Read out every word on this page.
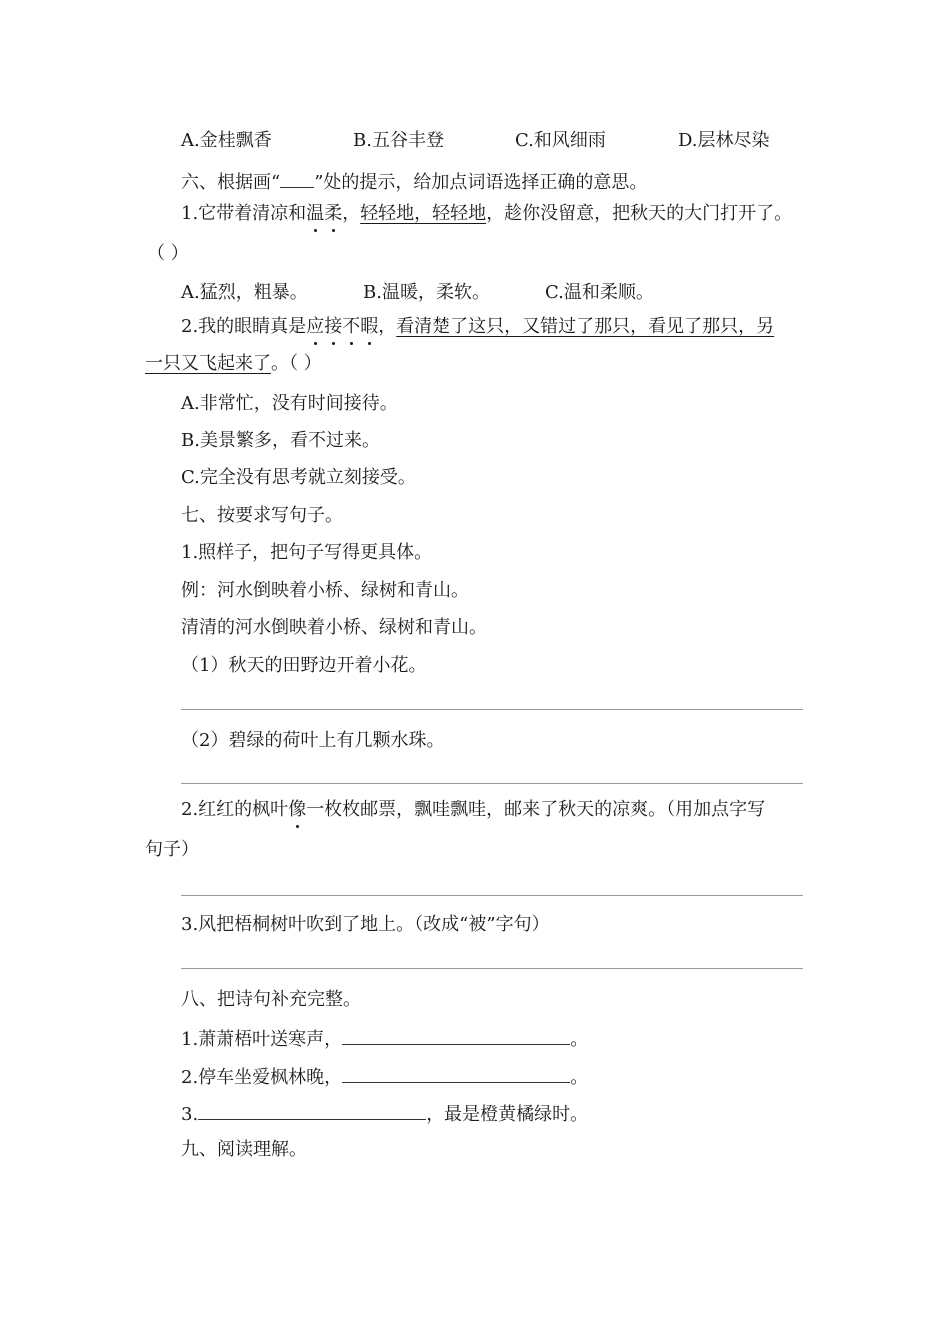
A.金桂飘香	B.五谷丰登	C.和风细雨	D.层林尽染
六、根据画“ ”处的提示，给加点词语选择正确的意思。
1.它带着清凉和温柔，轻轻地，轻轻地，趁你没留意，把秋天的大门打开了。
（ ）
A.猛烈，粗暴。	B.温暖，柔软。	C.温和柔顺。
2.我的眼睛真是应接不暇，看清楚了这只，又错过了那只，看见了那只，另
一只又飞起来了。（ ）
A.非常忙，没有时间接待。
B.美景繁多，看不过来。
C.完全没有思考就立刻接受。
七、按要求写句子。
1.照样子，把句子写得更具体。
例：河水倒映着小桥、绿树和青山。
清清的河水倒映着小桥、绿树和青山。
（1）秋天的田野边开着小花。
（2）碧绿的荷叶上有几颗水珠。
2.红红的枫叶像一枚枚邮票，飘哇飘哇，邮来了秋天的凉爽。（用加点字写
句子）
3.风把梧桐树叶吹到了地上。（改成“被”字句）
八、把诗句补充完整。
1.萧萧梧叶送寒声，	。
2.停车坐爱枫林晚，	。
3.	，最是橙黄橘绿时。
九、阅读理解。
